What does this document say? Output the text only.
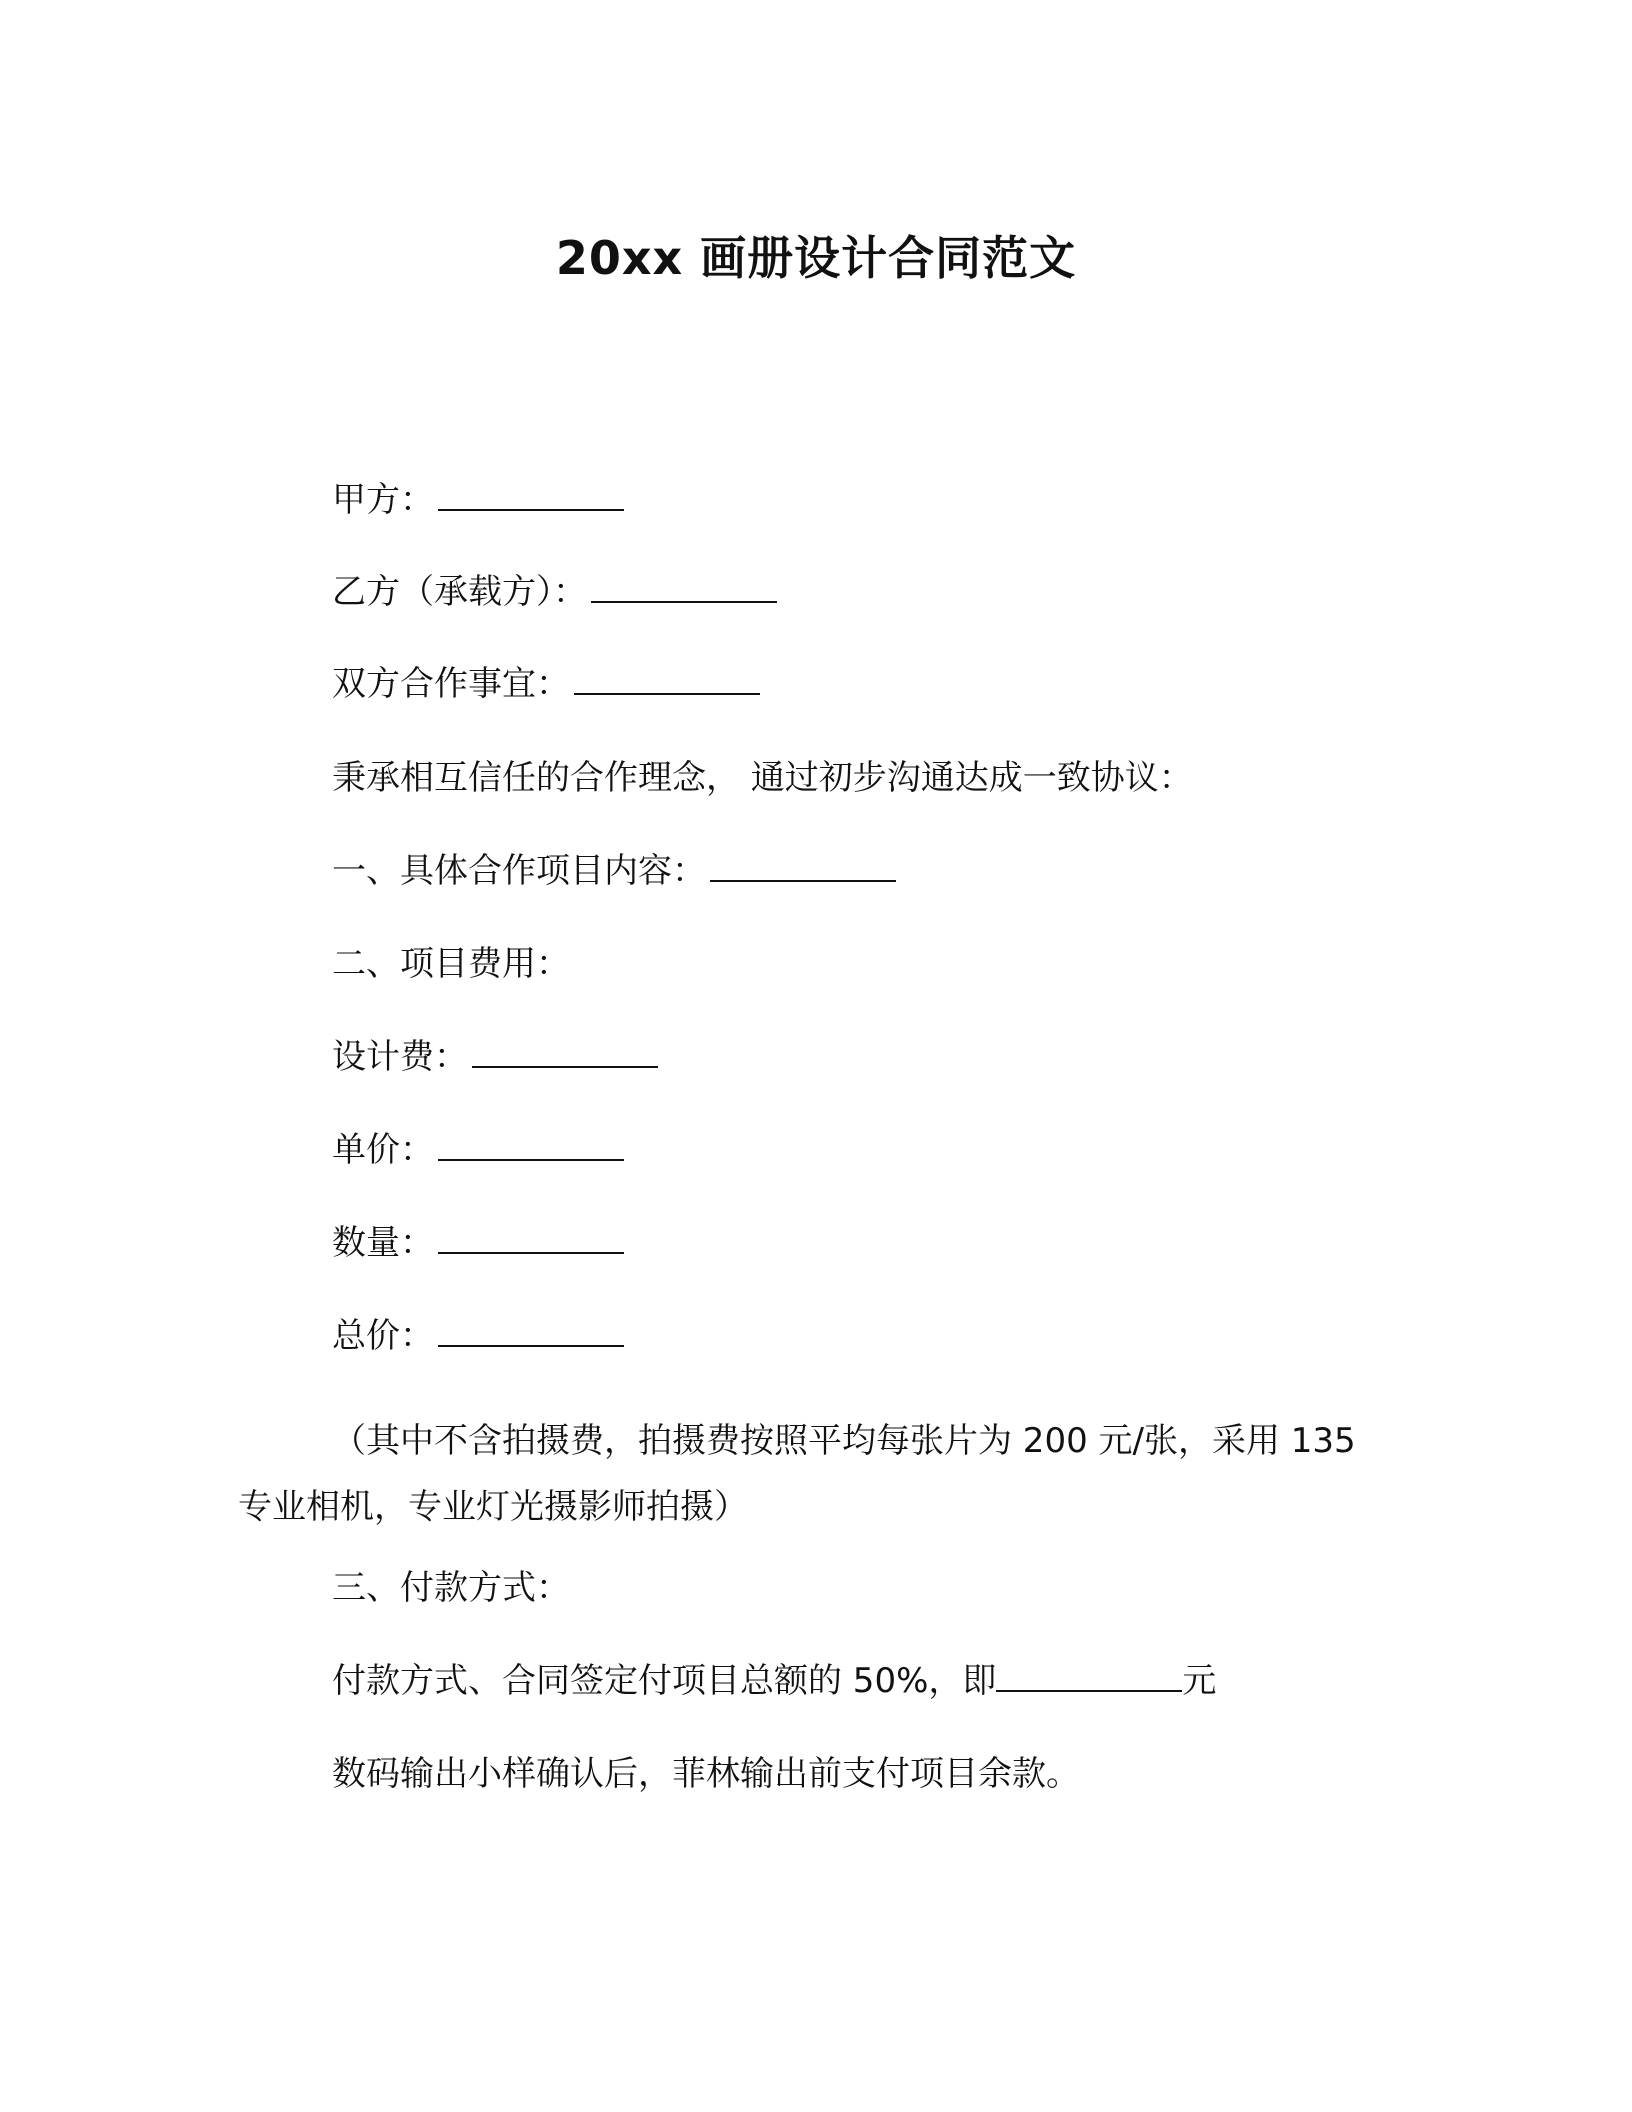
20xx 画册设计合同范文
甲方：
乙方（承载方）：
双方合作事宜：
秉承相互信任的合作理念， 通过初步沟通达成一致协议：
一、具体合作项目内容：
二、项目费用：
设计费：
单价：
数量：
总价：
（其中不含拍摄费，拍摄费按照平均每张片为 200 元/张，采用 135 专业相机，专业灯光摄影师拍摄）
三、付款方式：
付款方式、合同签定付项目总额的 50%，即	元
数码输出小样确认后，菲林输出前支付项目余款。
